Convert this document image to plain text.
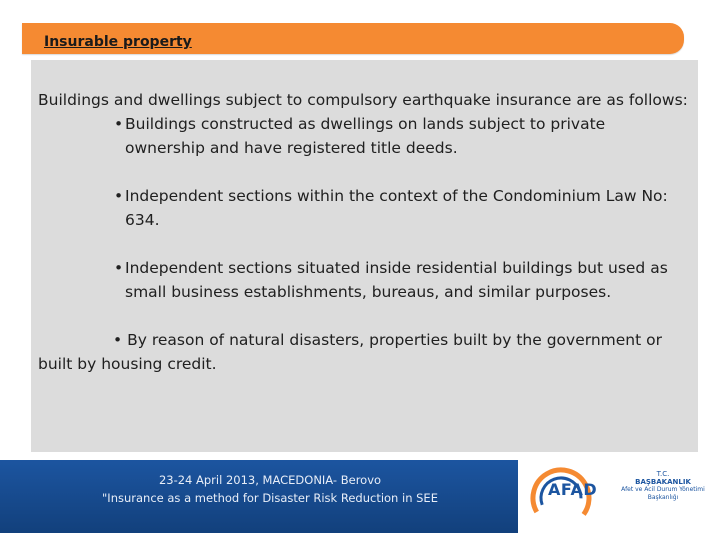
Insurable property

Buildings and dwellings subject to compulsory earthquake insurance are as follows:

• Buildings constructed as dwellings on lands subject to private ownership and have registered title deeds.

• Independent sections within the context of the Condominium Law No: 634.

• Independent sections situated inside residential buildings but used as small business establishments, bureaus, and similar purposes.

• By reason of natural disasters, properties built by the government or built by housing credit.

23-24 April 2013, MACEDONIA- Berovo
"Insurance as a method for Disaster Risk Reduction in SEE	AFAD
T.C.
BAŞBAKANLIK
Afet ve Acil Durum Yönetimi Başkanlığı
